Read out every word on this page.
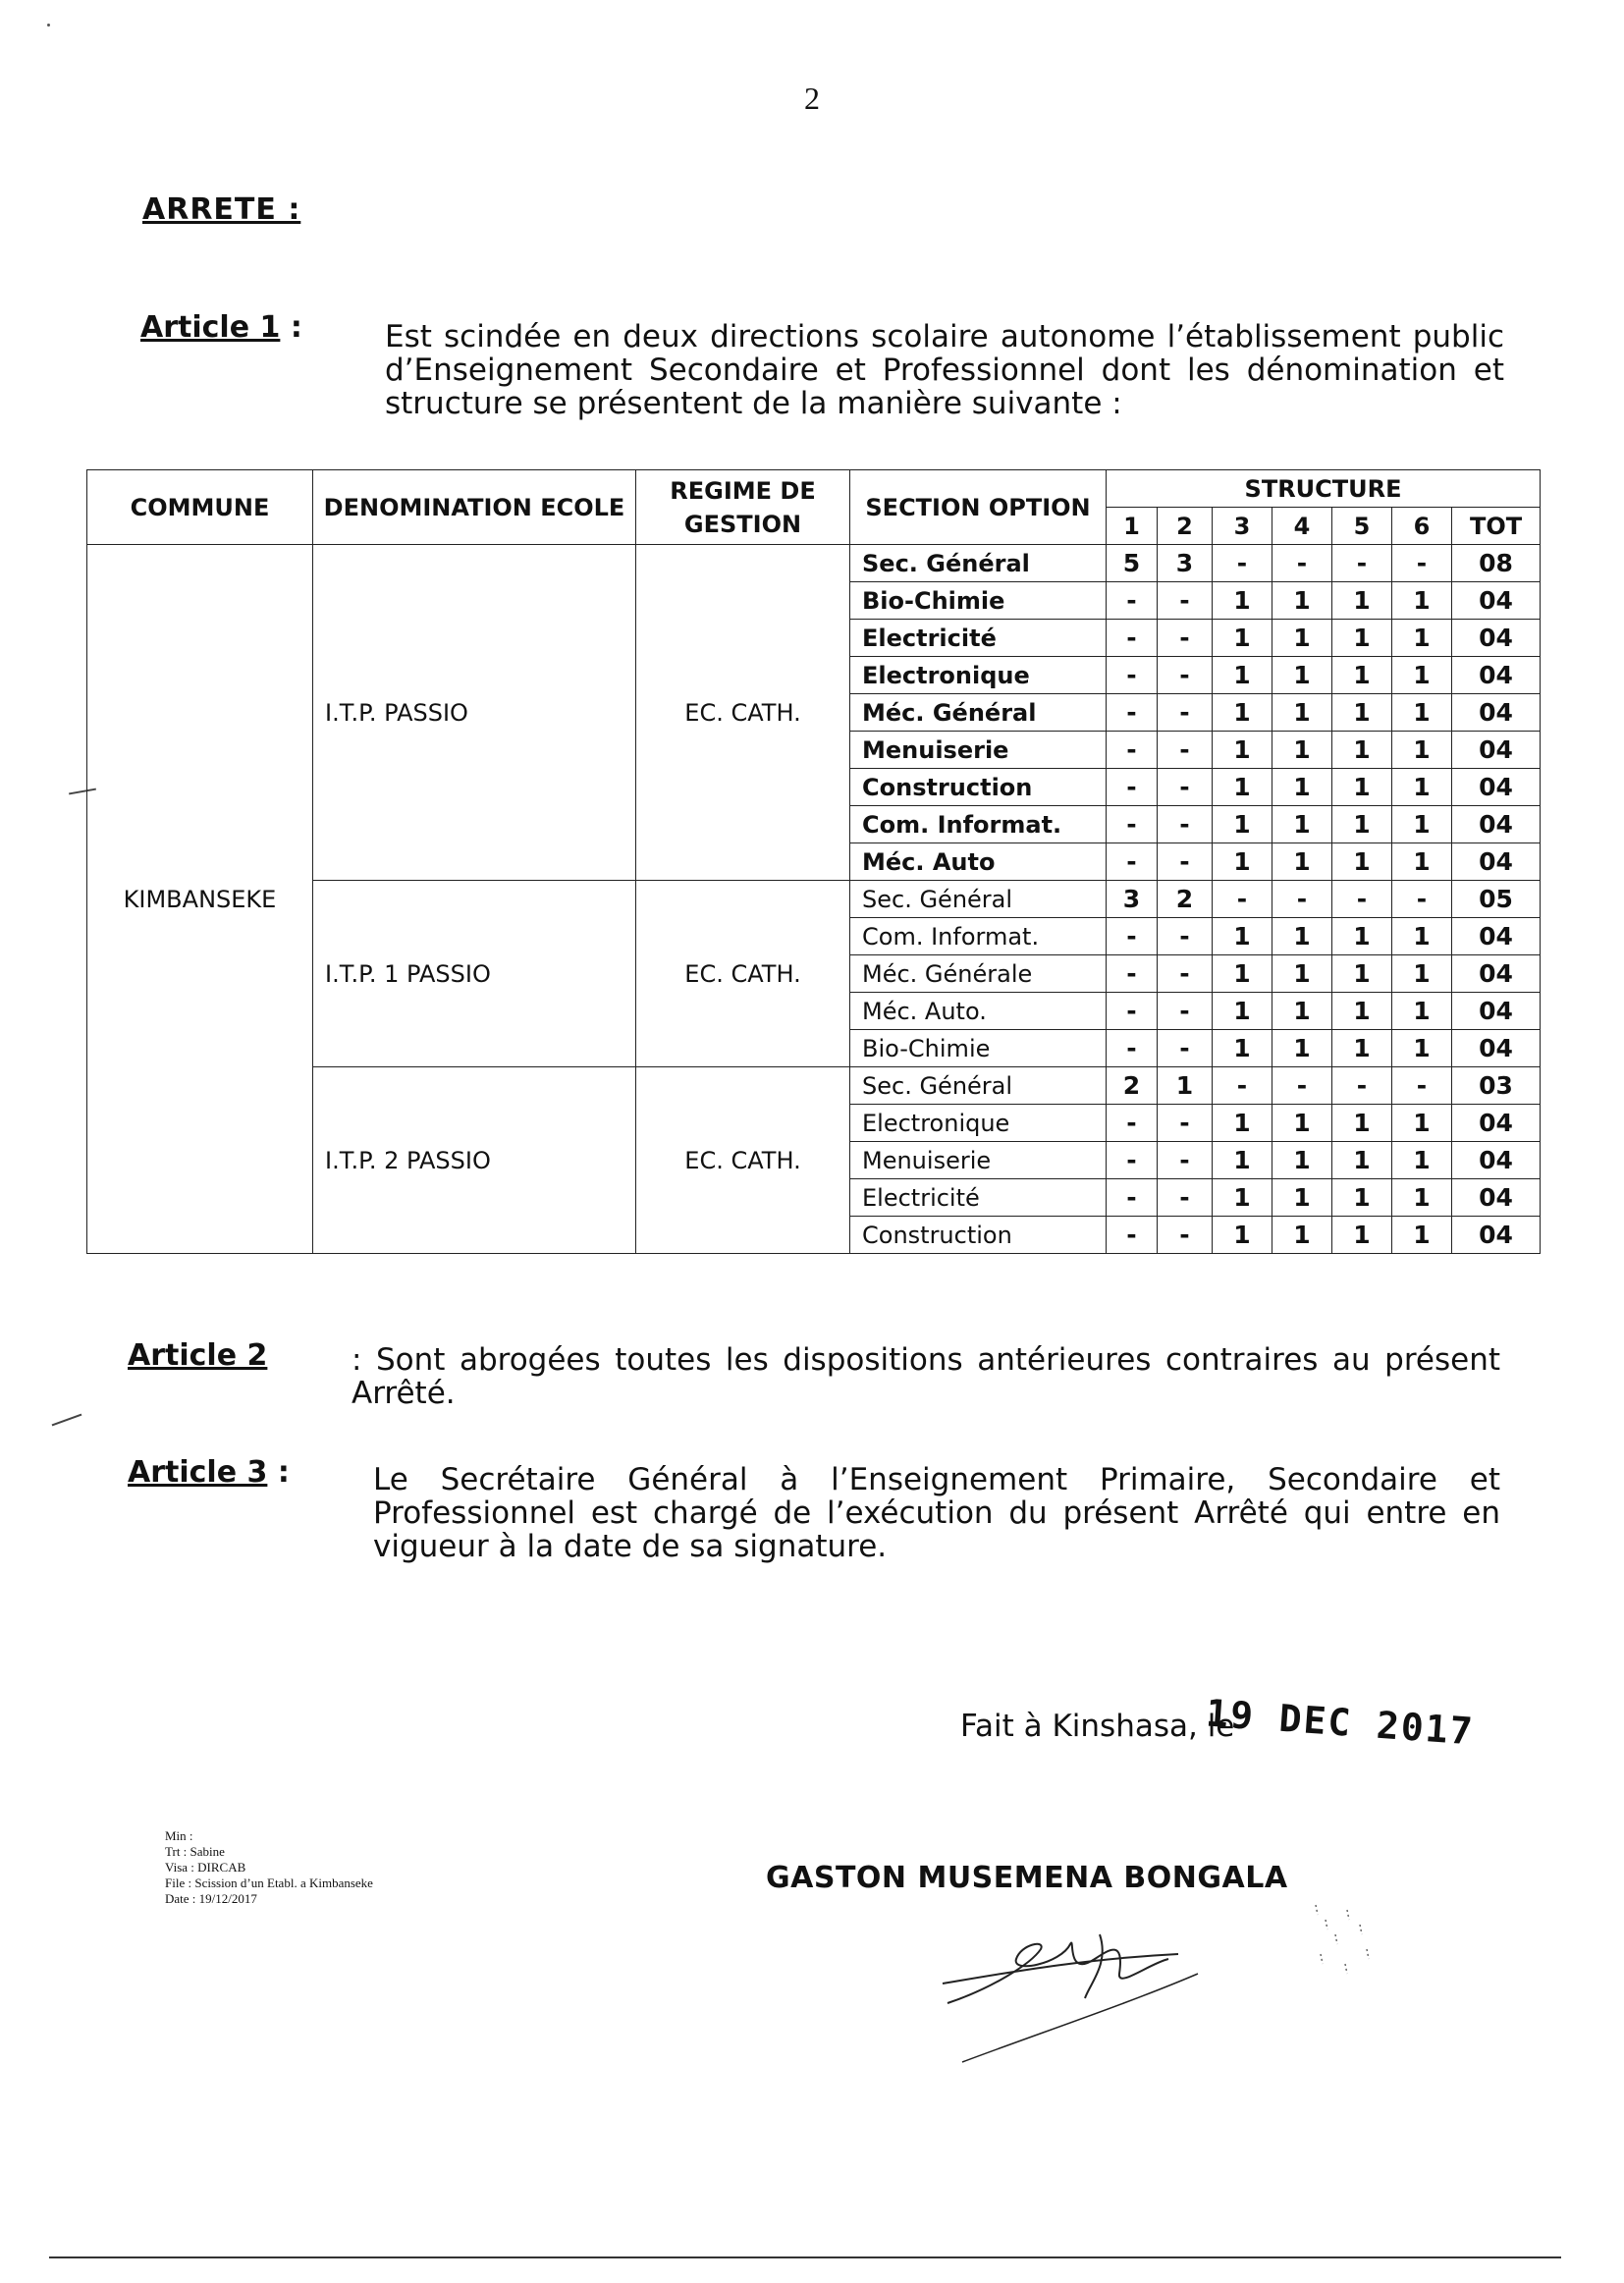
2
ARRETE :
Article 1 :	Est scindée en deux directions scolaire autonome l’établissement public d’Enseignement Secondaire et Professionnel dont les dénomination et structure se présentent de la manière suivante :
COMMUNE	DENOMINATION ECOLE	REGIME DE GESTION	SECTION OPTION	STRUCTURE						
				1	2	3	4	5	6	TOT
KIMBANSEKE	I.T.P. PASSIO	EC. CATH.	Sec. Général	5	3	-	-	-	-	08
			Bio-Chimie	-	-	1	1	1	1	04
			Electricité	-	-	1	1	1	1	04
			Electronique	-	-	1	1	1	1	04
			Méc. Général	-	-	1	1	1	1	04
			Menuiserie	-	-	1	1	1	1	04
			Construction	-	-	1	1	1	1	04
			Com. Informat.	-	-	1	1	1	1	04
			Méc. Auto	-	-	1	1	1	1	04
	I.T.P. 1 PASSIO	EC. CATH.	Sec. Général	3	2	-	-	-	-	05
			Com. Informat.	-	-	1	1	1	1	04
			Méc. Générale	-	-	1	1	1	1	04
			Méc. Auto.	-	-	1	1	1	1	04
			Bio-Chimie	-	-	1	1	1	1	04
	I.T.P. 2 PASSIO	EC. CATH.	Sec. Général	2	1	-	-	-	-	03
			Electronique	-	-	1	1	1	1	04
			Menuiserie	-	-	1	1	1	1	04
			Electricité	-	-	1	1	1	1	04
			Construction	-	-	1	1	1	1	04
Article 2	: Sont abrogées toutes les dispositions antérieures contraires au présent Arrêté.
Article 3 :	Le Secrétaire Général à l’Enseignement Primaire, Secondaire et Professionnel est chargé de l’exécution du présent Arrêté qui entre en vigueur à la date de sa signature.
Fait à Kinshasa, le
19 DEC 2017
Min :
Trt : Sabine
Visa : DIRCAB
File : Scission d’un Etabl. a Kimbanseke
Date : 19/12/2017
GASTON MUSEMENA BONGALA
